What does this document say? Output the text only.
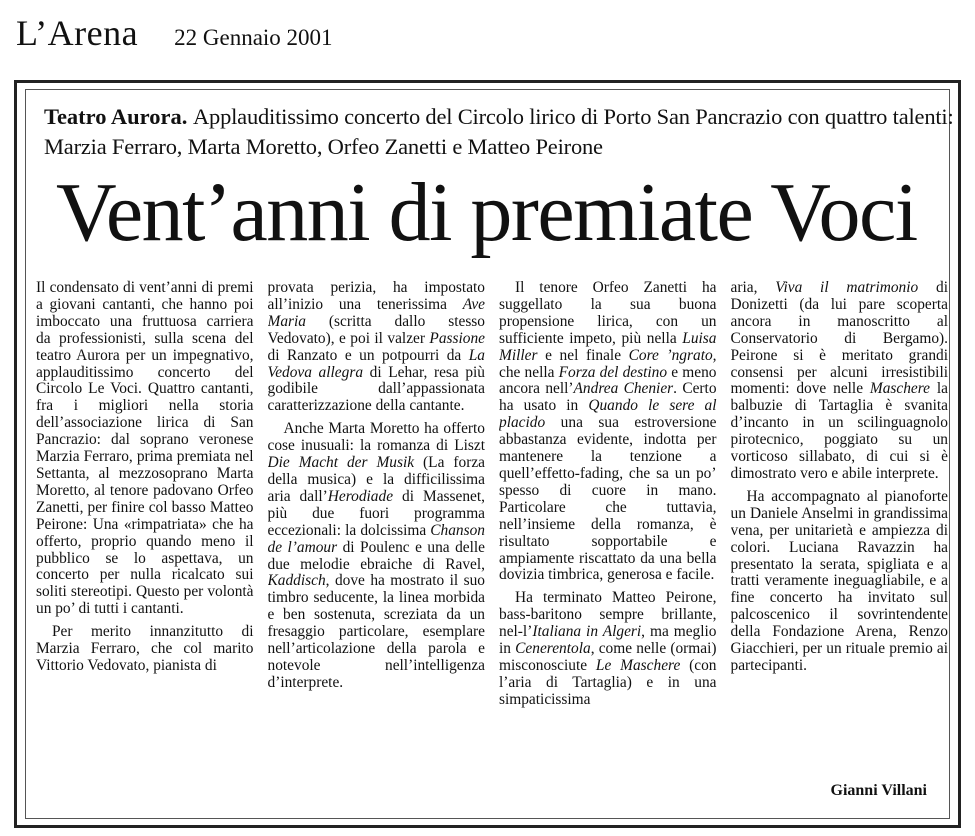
L’Arena 22 Gennaio 2001
Teatro Aurora. Applauditissimo concerto del Circolo lirico di Porto San Pancrazio con quattro talenti: Marzia Ferraro, Marta Moretto, Orfeo Zanetti e Matteo Peirone
Vent’anni di premiate Voci

Il condensato di vent’anni di premi a giovani cantanti, che hanno poi imboccato una fruttuosa carriera da professionisti, sulla scena del teatro Aurora per un impegnativo, applauditissimo concerto del Circolo Le Voci. Quattro cantanti, fra i migliori nella storia dell’associazione lirica di San Pancrazio: dal soprano veronese Marzia Ferraro, prima premiata nel Settanta, al mezzosoprano Marta Moretto, al tenore padovano Orfeo Zanetti, per finire col basso Matteo Peirone: Una «rimpatriata» che ha offerto, proprio quando meno il pubblico se lo aspettava, un concerto per nulla ricalcato sui soliti stereotipi. Questo per volontà un po’ di tutti i cantanti.

Per merito innanzitutto di Marzia Ferraro, che col marito Vittorio Vedovato, pianista di

provata perizia, ha impostato all’inizio una tenerissima Ave Maria (scritta dallo stesso Vedovato), e poi il valzer Passione di Ranzato e un potpourri da La Vedova allegra di Lehar, resa più godibile dall’appassionata caratterizzazione della cantante.

Anche Marta Moretto ha offerto cose inusuali: la romanza di Liszt Die Macht der Musik (La forza della musica) e la difficilissima aria dall’Herodiade di Massenet, più due fuori programma eccezionali: la dolcissima Chanson de l’amour di Poulenc e una delle due melodie ebraiche di Ravel, Kaddisch, dove ha mostrato il suo timbro seducente, la linea morbida e ben sostenuta, screziata da un fresaggio particolare, esemplare nell’articolazione della parola e notevole nell’intelligenza d’interprete.

Il tenore Orfeo Zanetti ha suggellato la sua buona propensione lirica, con un sufficiente impeto, più nella Luisa Miller e nel finale Core ’ngrato, che nella Forza del destino e meno ancora nell’Andrea Chenier. Certo ha usato in Quando le sere al placido una sua estroversione abbastanza evidente, indotta per mantenere la tenzione a quell’effetto-fading, che sa un po’ spesso di cuore in mano. Particolare che tuttavia, nell’insieme della romanza, è risultato sopportabile e ampiamente riscattato da una bella dovizia timbrica, generosa e facile.

Ha terminato Matteo Peirone, bass-baritono sempre brillante, nel-l’Italiana in Algeri, ma meglio in Cenerentola, come nelle (ormai) misconosciute Le Maschere (con l’aria di Tartaglia) e in una simpaticissima

aria, Viva il matrimonio di Donizetti (da lui pare scoperta ancora in manoscritto al Conservatorio di Bergamo). Peirone si è meritato grandi consensi per alcuni irresistibili momenti: dove nelle Maschere la balbuzie di Tartaglia è svanita d’incanto in un scilinguagnolo pirotecnico, poggiato su un vorticoso sillabato, di cui si è dimostrato vero e abile interprete.

Ha accompagnato al pianoforte un Daniele Anselmi in grandissima vena, per unitarietà e ampiezza di colori. Luciana Ravazzin ha presentato la serata, spigliata e a tratti veramente ineguagliabile, e a fine concerto ha invitato sul palcoscenico il sovrintendente della Fondazione Arena, Renzo Giacchieri, per un rituale premio ai partecipanti.

Gianni Villani
